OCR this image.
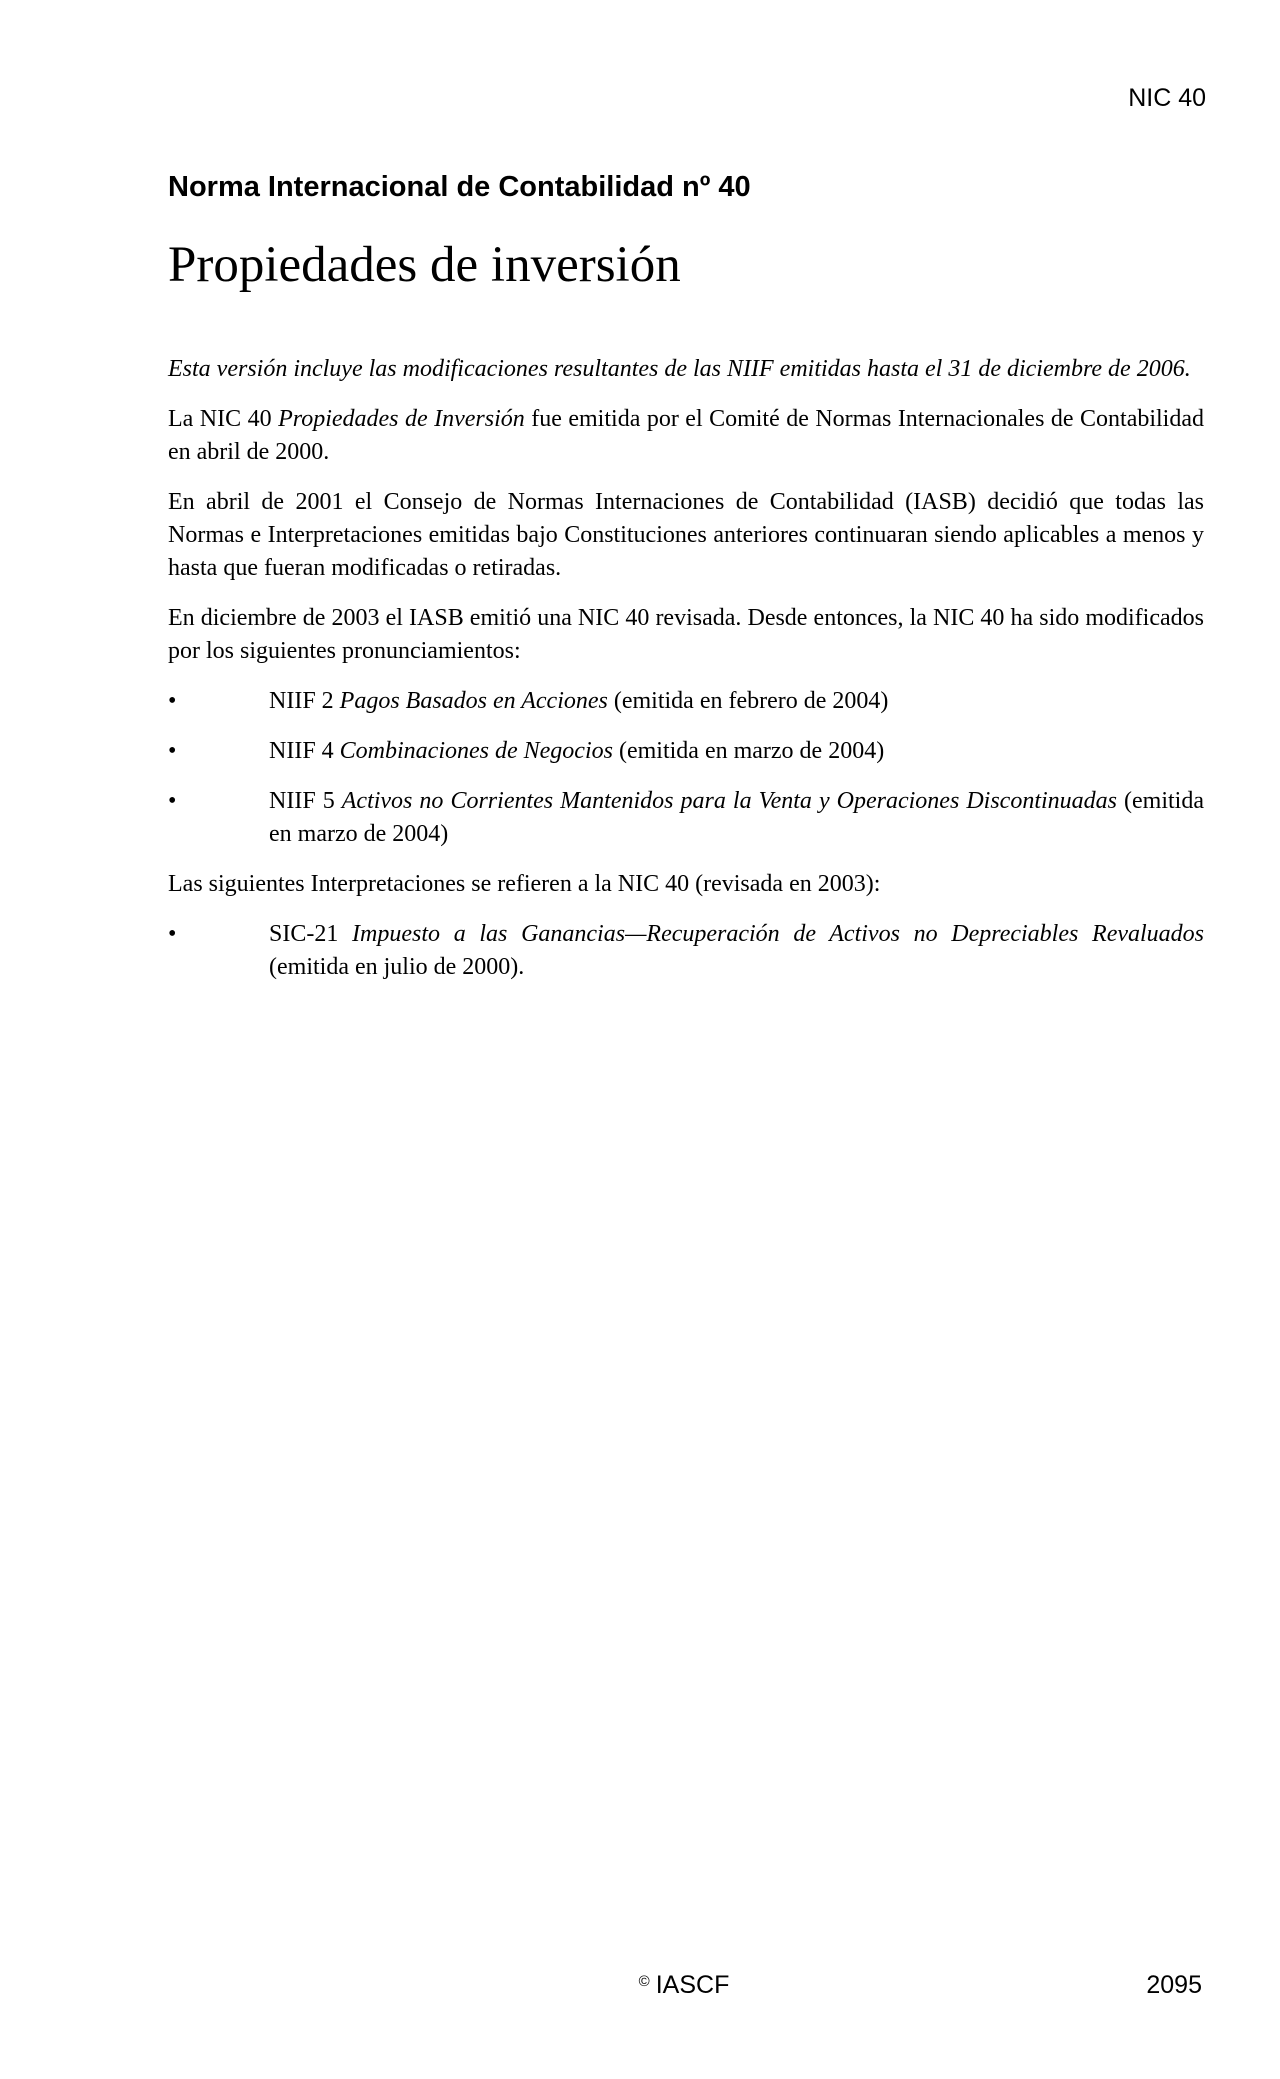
NIC 40
Norma Internacional de Contabilidad nº 40
Propiedades de inversión

Esta versión incluye las modificaciones resultantes de las NIIF emitidas hasta el 31 de diciembre de 2006.

La NIC 40 Propiedades de Inversión fue emitida por el Comité de Normas Internacionales de Contabilidad en abril de 2000.

En abril de 2001 el Consejo de Normas Internaciones de Contabilidad (IASB) decidió que todas las Normas e Interpretaciones emitidas bajo Constituciones anteriores continuaran siendo aplicables a menos y hasta que fueran modificadas o retiradas.

En diciembre de 2003 el IASB emitió una NIC 40 revisada. Desde entonces, la NIC 40 ha sido modificados por los siguientes pronunciamientos:

•	NIIF 2 Pagos Basados en Acciones (emitida en febrero de 2004)
•	NIIF 4 Combinaciones de Negocios (emitida en marzo de 2004)
•	NIIF 5 Activos no Corrientes Mantenidos para la Venta y Operaciones Discontinuadas (emitida en marzo de 2004)

Las siguientes Interpretaciones se refieren a la NIC 40 (revisada en 2003):

•	SIC-21 Impuesto a las Ganancias—Recuperación de Activos no Depreciables Revaluados (emitida en julio de 2000).
© IASCF	2095
